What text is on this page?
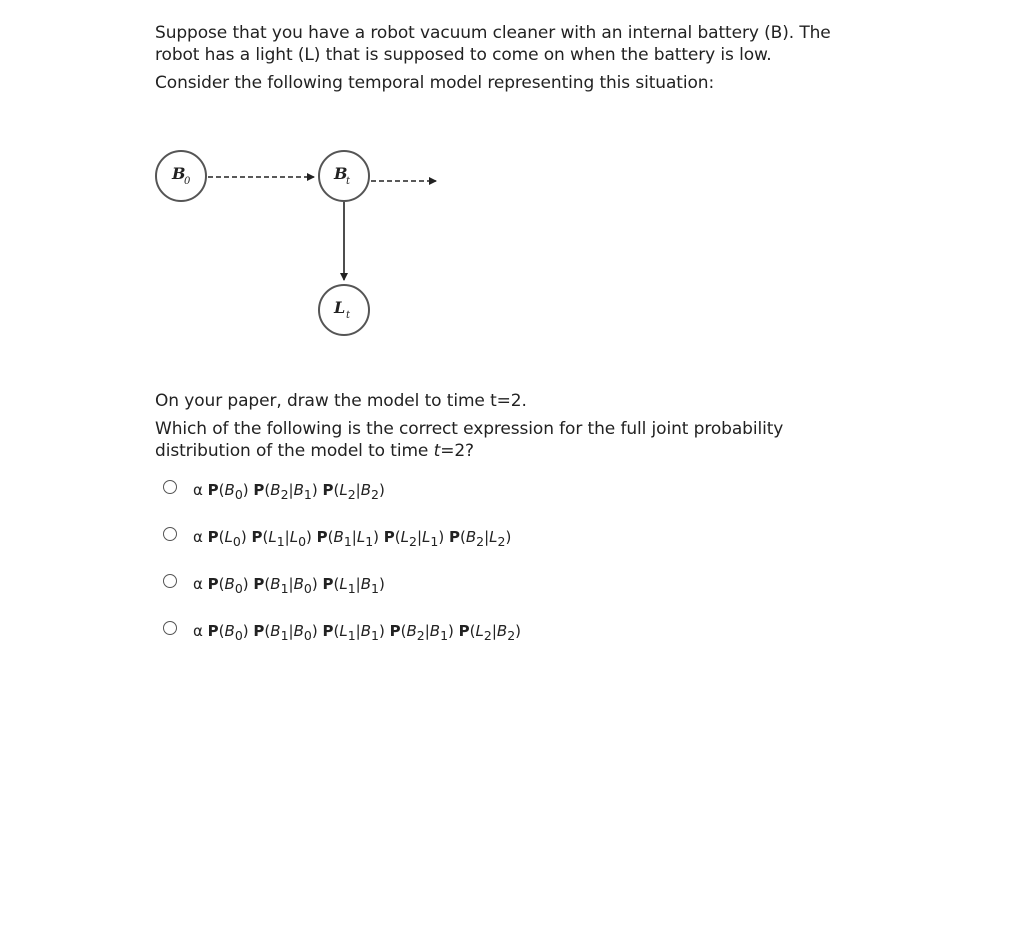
Suppose that you have a robot vacuum cleaner with an internal battery (B). The

robot has a light (L) that is supposed to come on when the battery is low.

Consider the following temporal model representing this situation:

B
0	B
t
L t

On your paper, draw the model to time t=2.

Which of the following is the correct expression for the full joint probability

distribution of the model to time t=2?

α $P(B_0)$ $P(B_2|B_1)$ $P(L_2|B_2)$
α $P(L_0)$ $P(L_1|L_0)$ $P(B_1|L_1)$ $P(L_2|L_1)$ $P(B_2|L_2)$
α $P(B_0)$ $P(B_1|B_0)$ $P(L_1|B_1)$
α $P(B_0)$ $P(B_1|B_0)$ $P(L_1|B_1)$ $P(B_2|B_1)$ $P(L_2|B_2)$
